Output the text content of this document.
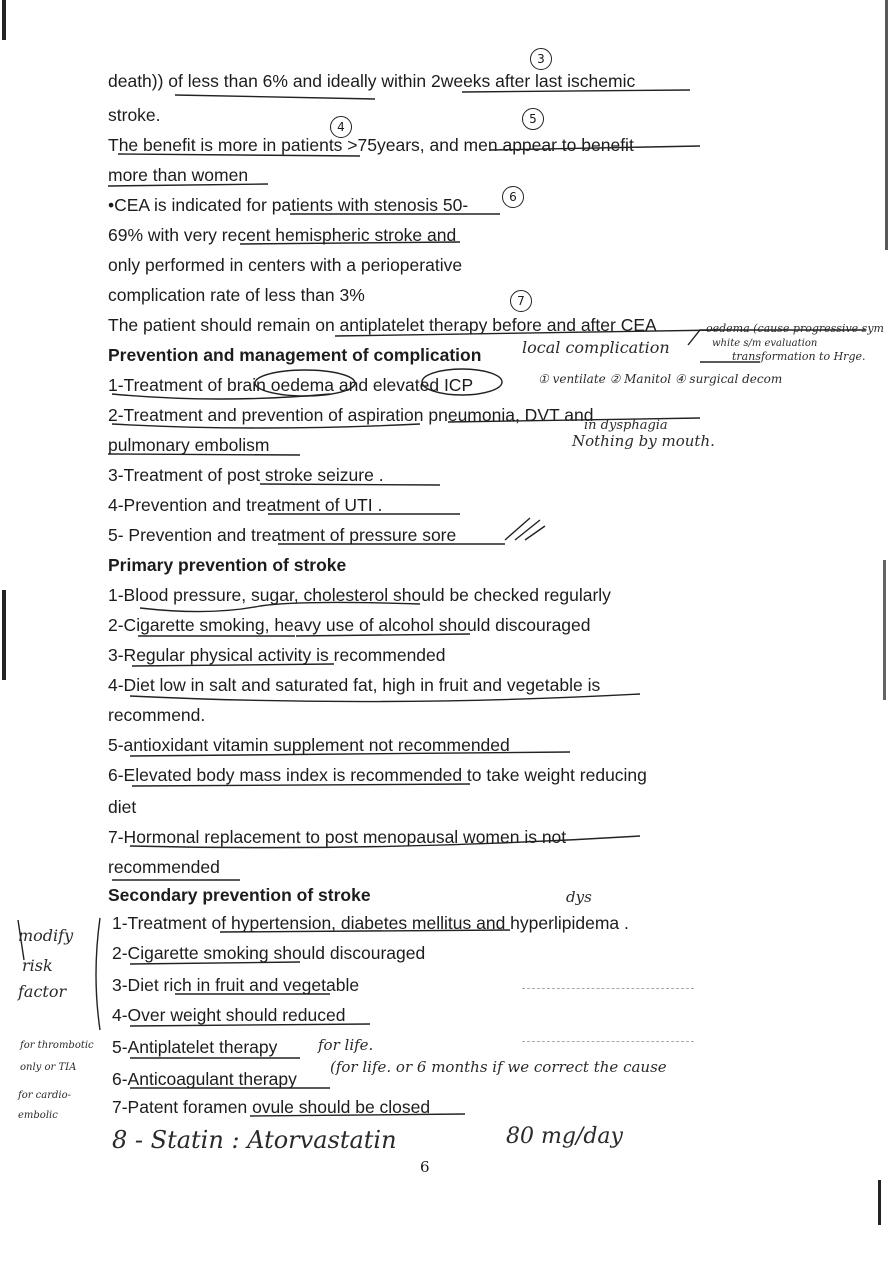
death)) of less than 6% and ideally within 2weeks after last ischemic
stroke.
The benefit is more in patients >75years, and men appear to benefit
more than women
•CEA is indicated for patients with stenosis 50-
69% with very recent hemispheric stroke and
only performed in centers with a perioperative
complication rate of less than 3%
The patient should remain on antiplatelet therapy before and after CEA
Prevention and management of complication
1-Treatment of brain oedema and elevated ICP
2-Treatment and prevention of aspiration pneumonia, DVT and
pulmonary embolism
3-Treatment of post stroke seizure .
4-Prevention and treatment of UTI .
5- Prevention and treatment of pressure sore
Primary prevention of stroke
1-Blood pressure, sugar, cholesterol should be checked regularly
2-Cigarette smoking, heavy use of alcohol should discouraged
3-Regular physical activity is recommended
4-Diet low in salt and saturated fat, high in fruit and vegetable is
recommend.
5-antioxidant vitamin supplement not recommended
6-Elevated body mass index is recommended to take weight reducing
diet
7-Hormonal replacement to post menopausal women is not
recommended
Secondary prevention of stroke
1-Treatment of hypertension, diabetes mellitus and hyperlipidema .
2-Cigarette smoking should discouraged
3-Diet rich in fruit and vegetable
4-Over weight should reduced
5-Antiplatelet therapy
6-Anticoagulant therapy
7-Patent foramen ovule should be closed
3
4
5
6
7
local complication
oedema (cause progressive sym
white s/m evaluation
transformation to Hrge.
① ventilate ② Manitol ④ surgical decom
in dysphagia
Nothing by mouth.
dys
modify
risk
factor
for thrombotic
only or TIA
for cardio-
embolic
for life.
(for life. or 6 months if we correct the cause
8 - Statin : Atorvastatin	80 mg/day
6
